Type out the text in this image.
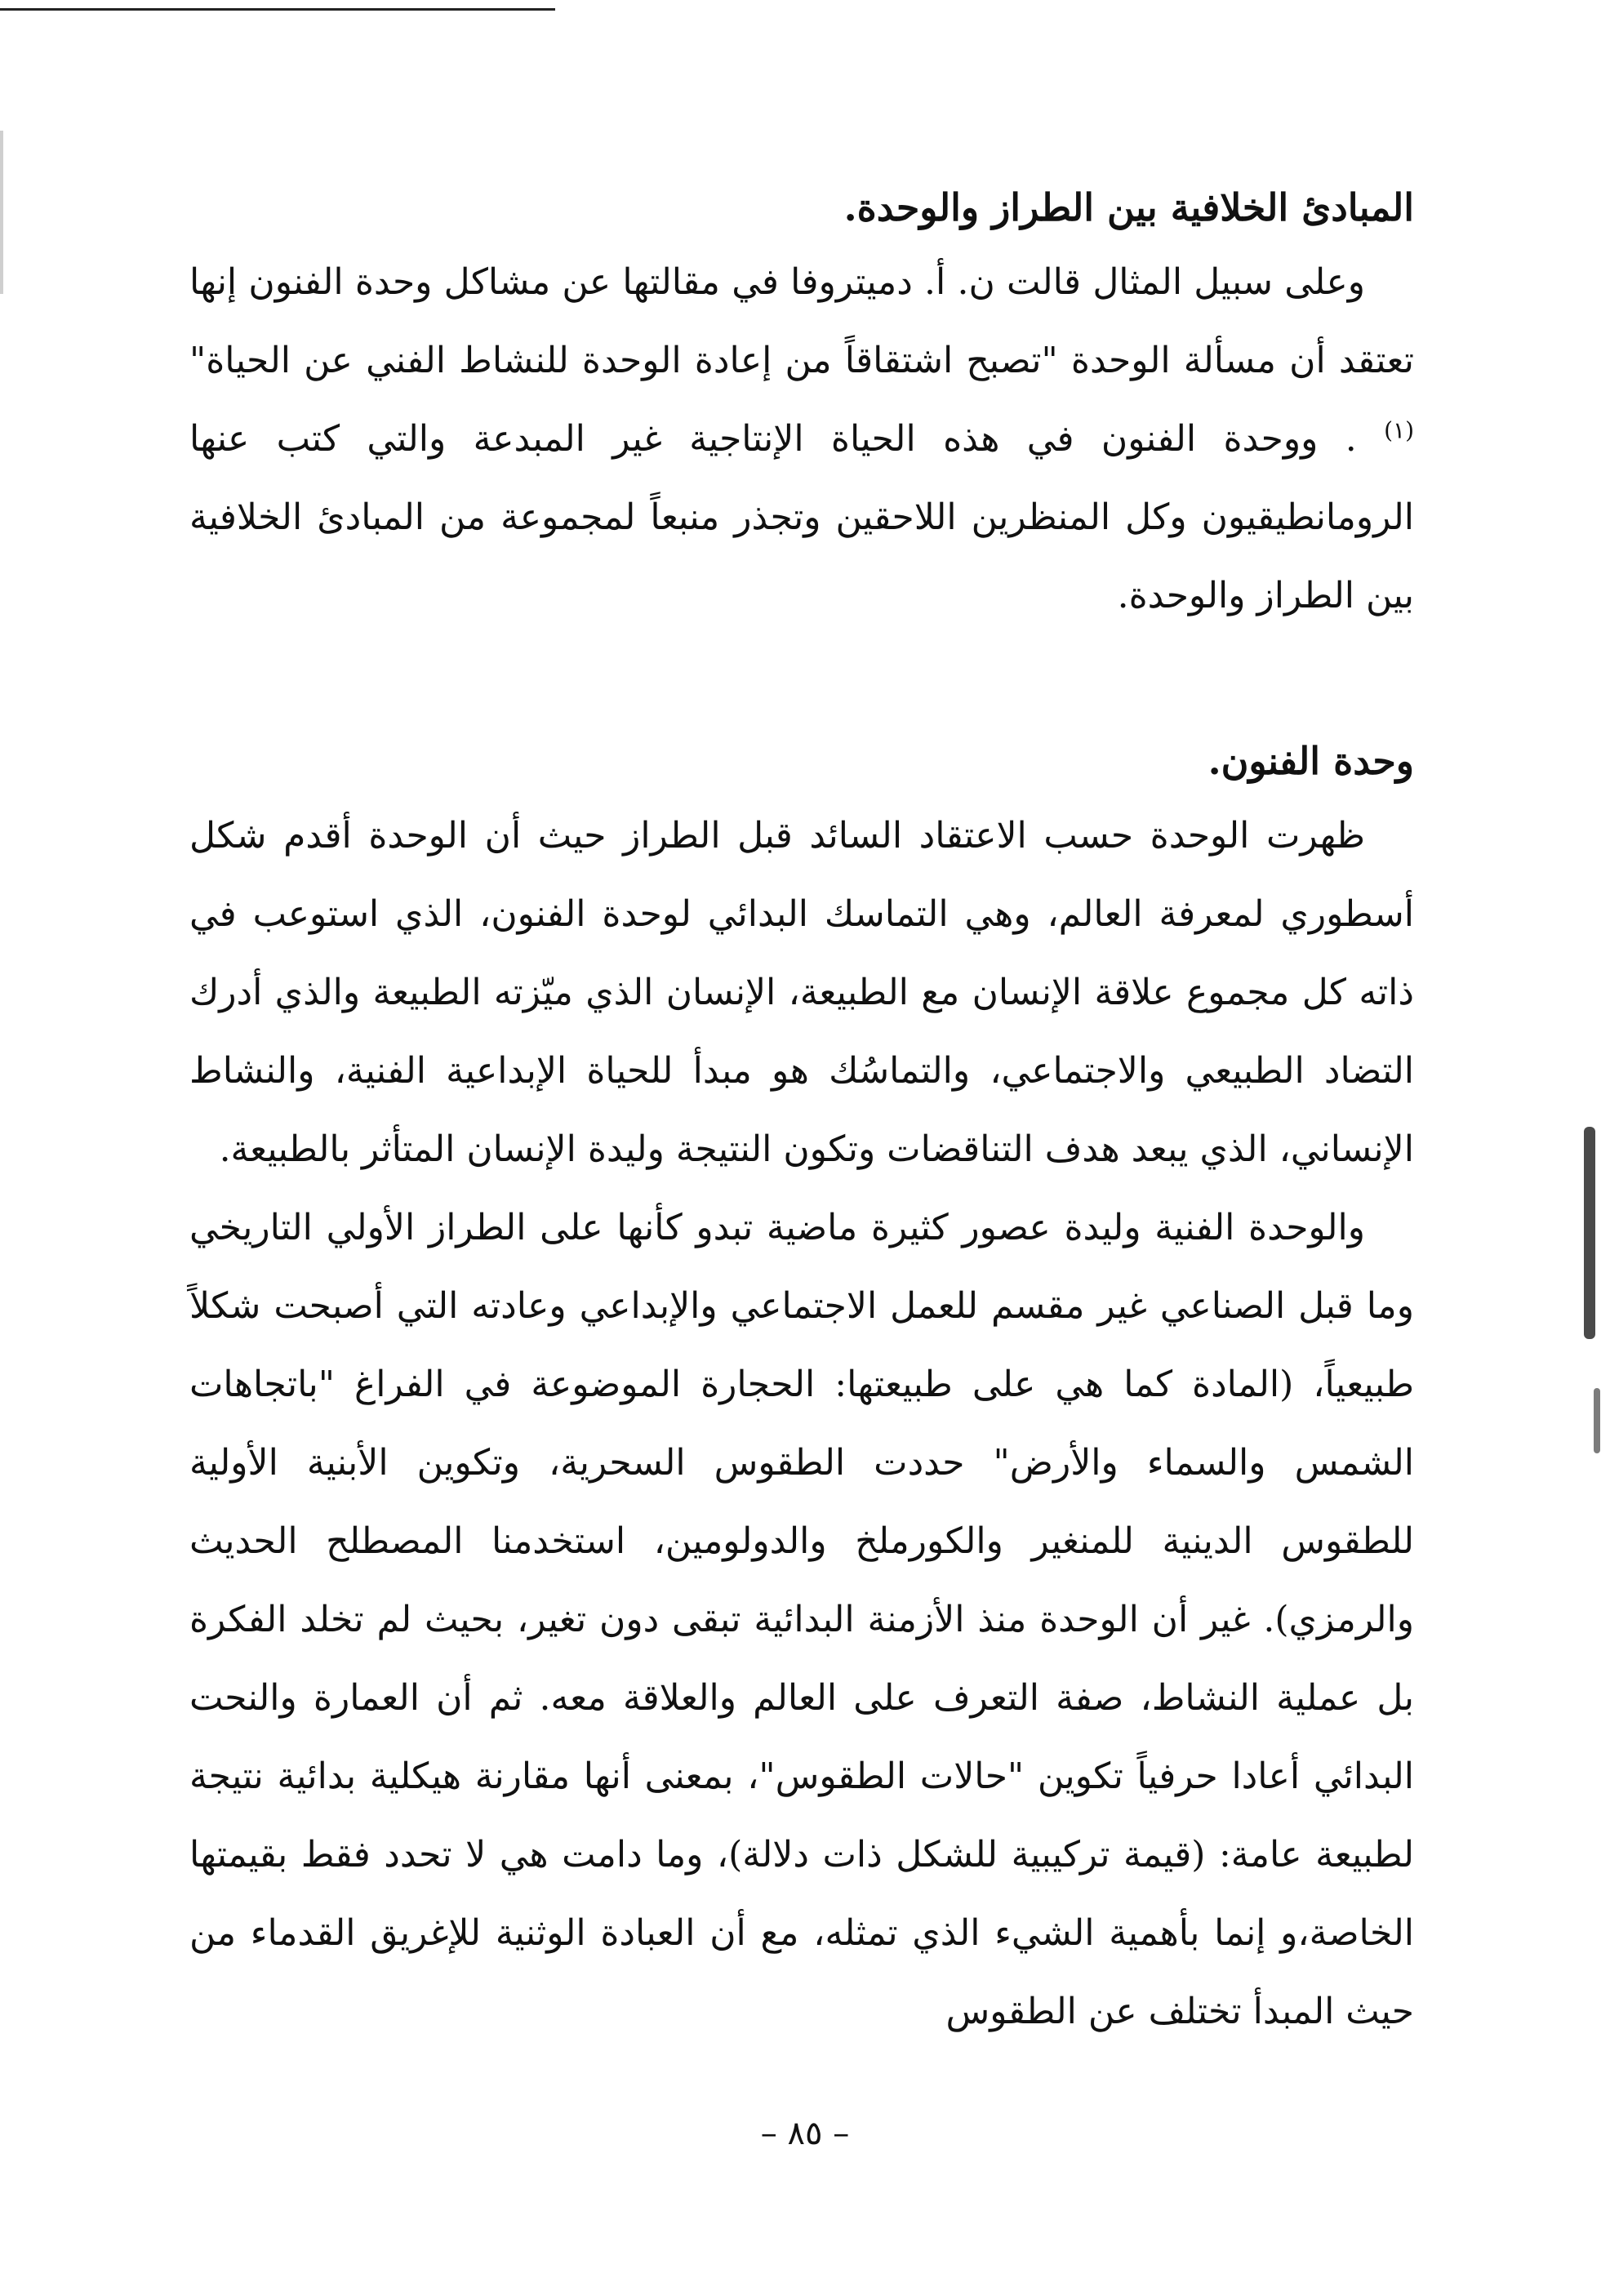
المبادئ الخلافية بين الطراز والوحدة.

وعلى سبيل المثال قالت ن. أ. دميتروفا في مقالتها عن مشاكل وحدة الفنون إنها تعتقد أن مسألة الوحدة "تصبح اشتقاقاً من إعادة الوحدة للنشاط الفني عن الحياة"$^{(١)}$ . ووحدة الفنون في هذه الحياة الإنتاجية غير المبدعة والتي كتب عنها الرومانطيقيون وكل المنظرين اللاحقين وتجذر منبعاً لمجموعة من المبادئ الخلافية بين الطراز والوحدة.

وحدة الفنون.

ظهرت الوحدة حسب الاعتقاد السائد قبل الطراز حيث أن الوحدة أقدم شكل أسطوري لمعرفة العالم، وهي التماسك البدائي لوحدة الفنون، الذي استوعب في ذاته كل مجموع علاقة الإنسان مع الطبيعة، الإنسان الذي ميّزته الطبيعة والذي أدرك التضاد الطبيعي والاجتماعي، والتماسُك هو مبدأ للحياة الإبداعية الفنية، والنشاط الإنساني، الذي يبعد هدف التناقضات وتكون النتيجة وليدة الإنسان المتأثر بالطبيعة.

والوحدة الفنية وليدة عصور كثيرة ماضية تبدو كأنها على الطراز الأولي التاريخي وما قبل الصناعي غير مقسم للعمل الاجتماعي والإبداعي وعادته التي أصبحت شكلاً طبيعياً، (المادة كما هي على طبيعتها: الحجارة الموضوعة في الفراغ "باتجاهات الشمس والسماء والأرض" حددت الطقوس السحرية، وتكوين الأبنية الأولية للطقوس الدينية للمنغير والكورملخ والدولومين، استخدمنا المصطلح الحديث والرمزي). غير أن الوحدة منذ الأزمنة البدائية تبقى دون تغير، بحيث لم تخلد الفكرة بل عملية النشاط، صفة التعرف على العالم والعلاقة معه. ثم أن العمارة والنحت البدائي أعادا حرفياً تكوين "حالات الطقوس"، بمعنى أنها مقارنة هيكلية بدائية نتيجة لطبيعة عامة: (قيمة تركيبية للشكل ذات دلالة)، وما دامت هي لا تحدد فقط بقيمتها الخاصة،و إنما بأهمية الشيء الذي تمثله، مع أن العبادة الوثنية للإغريق القدماء من حيث المبدأ تختلف عن الطقوس

– ٨٥ –
